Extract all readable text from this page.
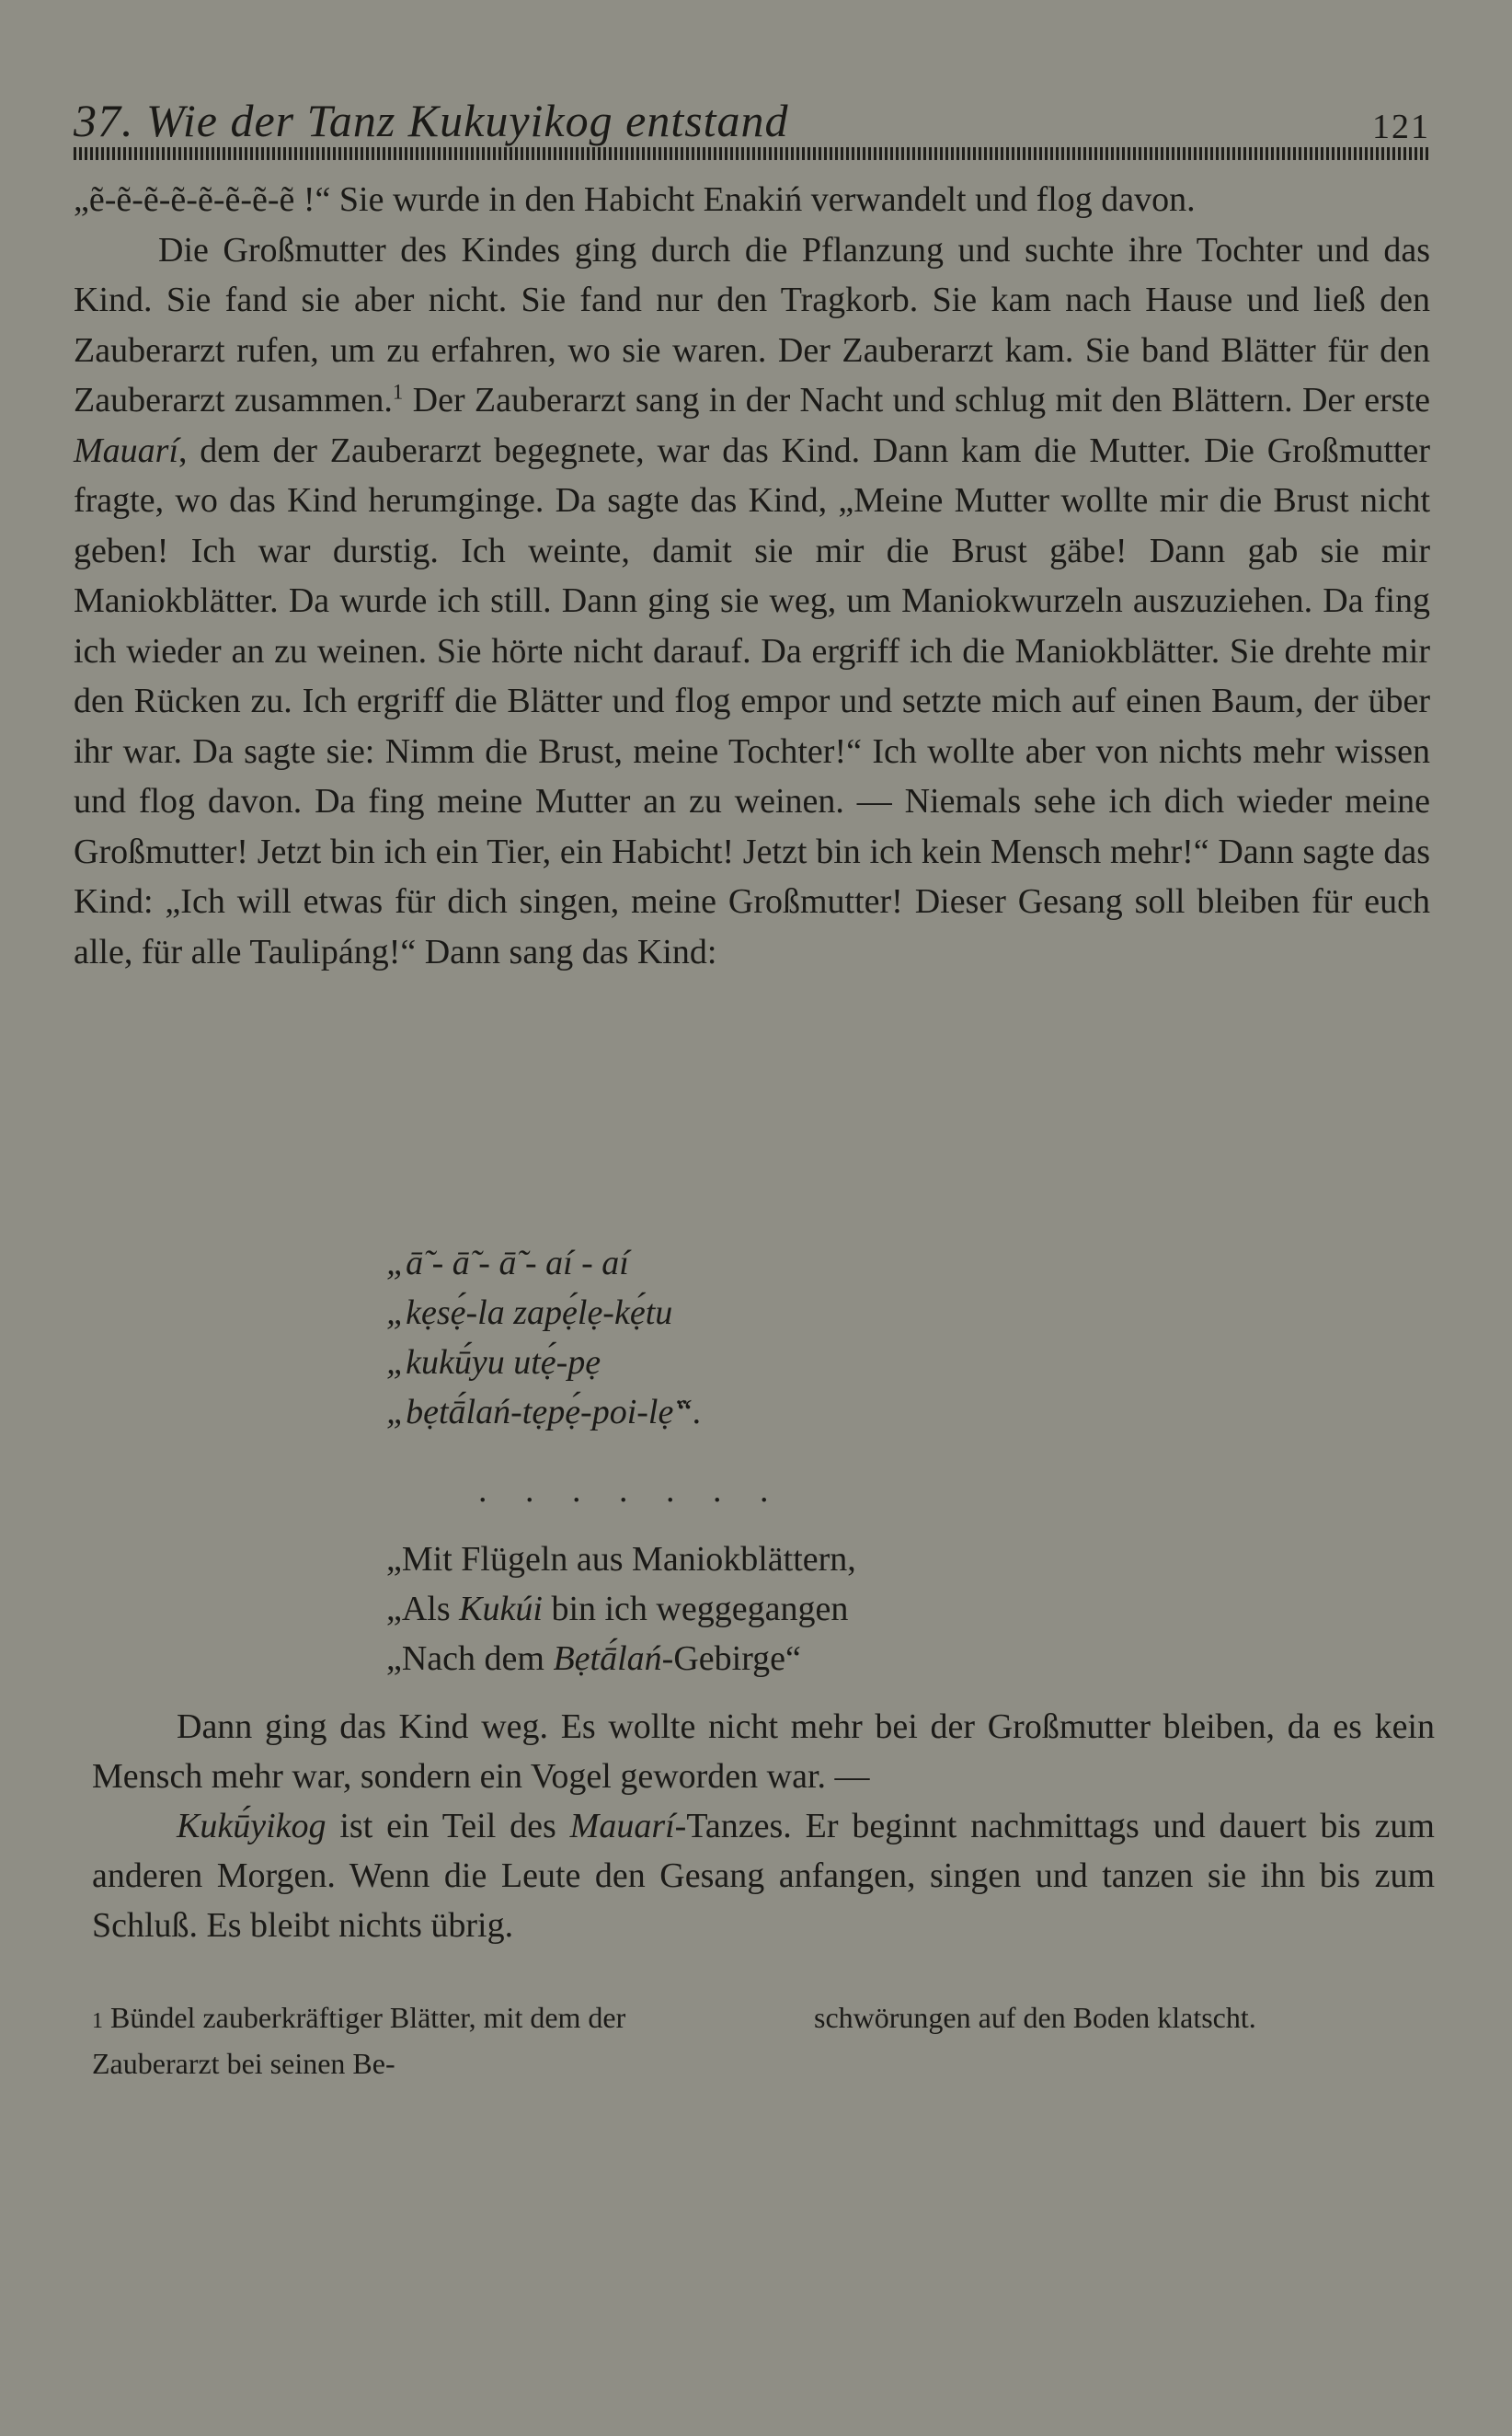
37. Wie der Tanz Kukuyikog entstand	121

„ẽ-ẽ-ẽ-ẽ-ẽ-ẽ-ẽ-ẽ !“ Sie wurde in den Habicht Enakiń verwandelt und flog davon.

Die Großmutter des Kindes ging durch die Pflanzung und suchte ihre Tochter und das Kind. Sie fand sie aber nicht. Sie fand nur den Tragkorb. Sie kam nach Hause und ließ den Zauberarzt rufen, um zu erfahren, wo sie waren. Der Zauberarzt kam. Sie band Blätter für den Zauberarzt zusammen.$^1$ Der Zauberarzt sang in der Nacht und schlug mit den Blättern. Der erste Mauarí, dem der Zauberarzt begegnete, war das Kind. Dann kam die Mutter. Die Großmutter fragte, wo das Kind herumginge. Da sagte das Kind, „Meine Mutter wollte mir die Brust nicht geben! Ich war durstig. Ich weinte, damit sie mir die Brust gäbe! Dann gab sie mir Maniokblätter. Da wurde ich still. Dann ging sie weg, um Maniokwurzeln auszuziehen. Da fing ich wieder an zu weinen. Sie hörte nicht darauf. Da ergriff ich die Maniokblätter. Sie drehte mir den Rücken zu. Ich ergriff die Blätter und flog empor und setzte mich auf einen Baum, der über ihr war. Da sagte sie: Nimm die Brust, meine Tochter!“ Ich wollte aber von nichts mehr wissen und flog davon. Da fing meine Mutter an zu weinen. — Niemals sehe ich dich wieder meine Großmutter! Jetzt bin ich ein Tier, ein Habicht! Jetzt bin ich kein Mensch mehr!“ Dann sagte das Kind: „Ich will etwas für dich singen, meine Großmutter! Dieser Gesang soll bleiben für euch alle, für alle Taulipáng!“ Dann sang das Kind:

„ā̃ - ā̃ - ā̃ - aí - aí
„kẹsẹ́-la zapẹ́lẹ-kẹ́tu
„kukū́yu utẹ́-pẹ
„bẹtā́lań-tẹpẹ́-poi-lẹ̈“.
. . . . . . .
„Mit Flügeln aus Maniokblättern,
„Als Kukúi bin ich weggegangen
„Nach dem Bẹtā́lań-Gebirge“

Dann ging das Kind weg. Es wollte nicht mehr bei der Großmutter bleiben, da es kein Mensch mehr war, sondern ein Vogel geworden war. —

Kukū́yikog ist ein Teil des Mauarí-Tanzes. Er beginnt nachmittags und dauert bis zum anderen Morgen. Wenn die Leute den Gesang anfangen, singen und tanzen sie ihn bis zum Schluß. Es bleibt nichts übrig.

1 Bündel zauberkräftiger Blätter, mit dem der Zauberarzt bei seinen Be-
schwörungen auf den Boden klatscht.
